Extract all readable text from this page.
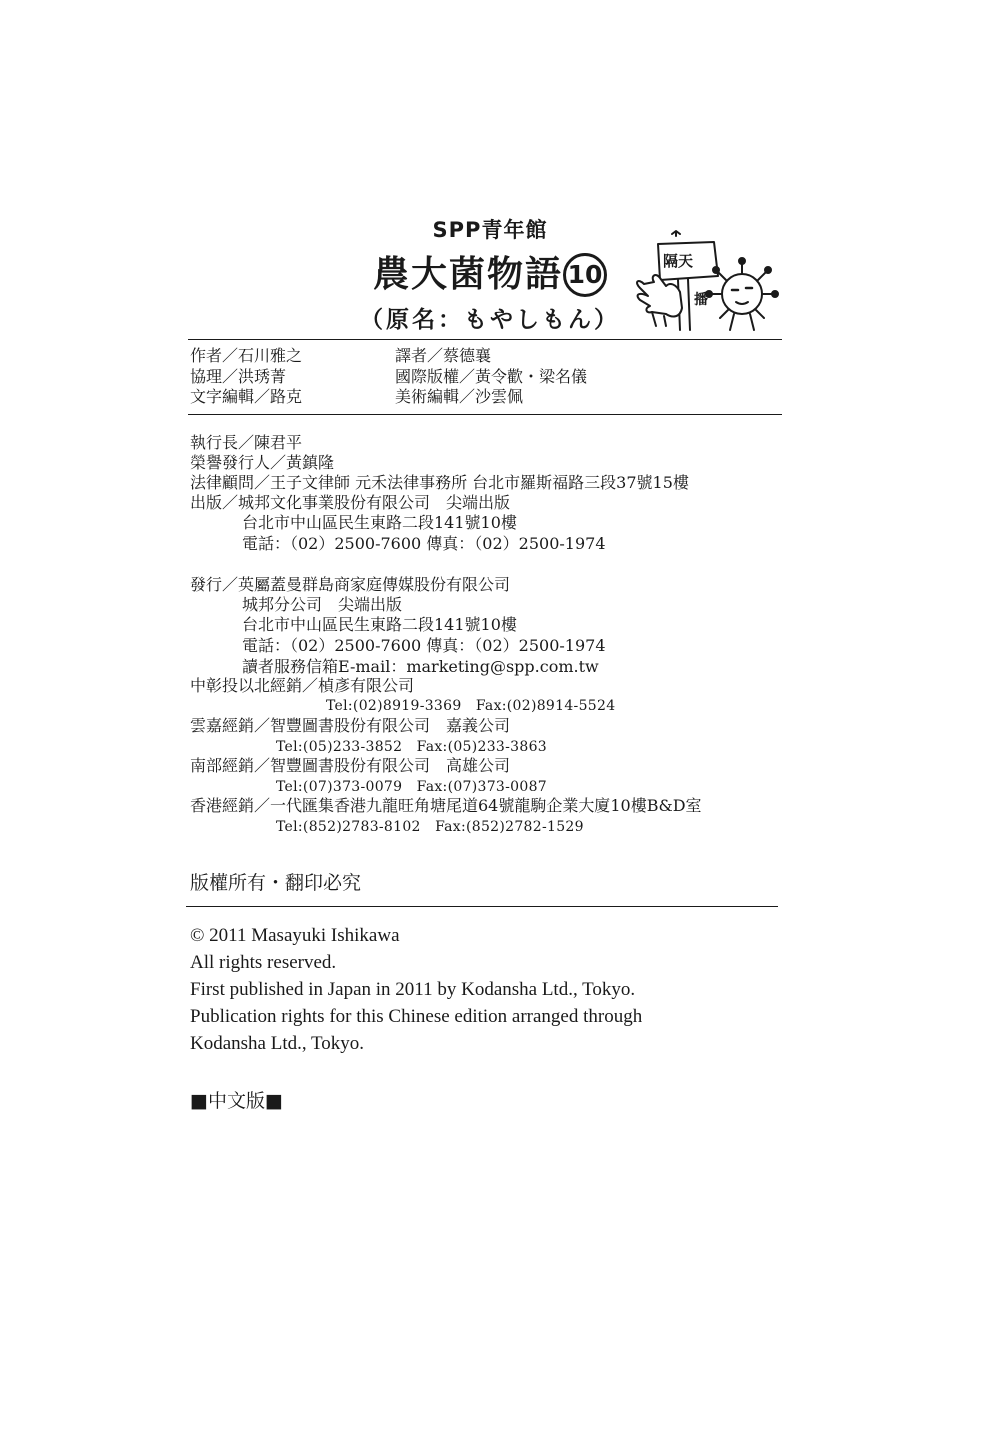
SPP青年館
農大菌物語 10
（原名：もやしもん）
隔天
播
作者／石川雅之
協理／洪琇菁
文字編輯／路克
譯者／蔡德襄
國際版權／黃令歡・梁名儀
美術編輯／沙雲佩
執行長／陳君平
榮譽發行人／黃鎮隆
法律顧問／王子文律師 元禾法律事務所 台北市羅斯福路三段37號15樓
出版／城邦文化事業股份有限公司　尖端出版
台北市中山區民生東路二段141號10樓
電話：（02）2500-7600 傳真：（02）2500-1974
發行／英屬蓋曼群島商家庭傳媒股份有限公司
城邦分公司　尖端出版
台北市中山區民生東路二段141號10樓
電話：（02）2500-7600 傳真：（02）2500-1974
讀者服務信箱E-mail：marketing@spp.com.tw
中彰投以北經銷／楨彥有限公司
Tel:(02)8919-3369　Fax:(02)8914-5524
雲嘉經銷／智豐圖書股份有限公司　嘉義公司
Tel:(05)233-3852　Fax:(05)233-3863
南部經銷／智豐圖書股份有限公司　高雄公司
Tel:(07)373-0079　Fax:(07)373-0087
香港經銷／一代匯集香港九龍旺角塘尾道64號龍駒企業大廈10樓B&D室
Tel:(852)2783-8102　Fax:(852)2782-1529
版權所有・翻印必究
© 2011 Masayuki Ishikawa
All rights reserved.
First published in Japan in 2011 by Kodansha Ltd., Tokyo.
Publication rights for this Chinese edition arranged through
Kodansha Ltd., Tokyo.
■中文版■
